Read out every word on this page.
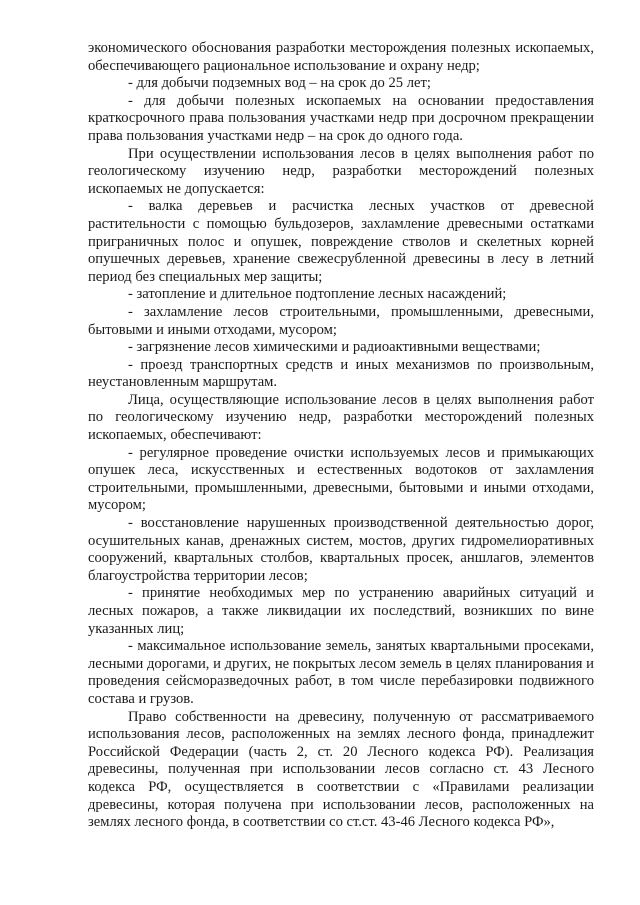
экономического обоснования разработки месторождения полезных ископаемых, обеспечивающего рациональное использование и охрану недр;

- для добычи подземных вод – на срок до 25 лет;

- для добычи полезных ископаемых на основании предоставления краткосрочного права пользования участками недр при досрочном прекращении права пользования участками недр – на срок до одного года.

При осуществлении использования лесов в целях выполнения работ по геологическому изучению недр, разработки месторождений полезных ископаемых не допускается:

- валка деревьев и расчистка лесных участков от древесной растительности с помощью бульдозеров, захламление древесными остатками приграничных полос и опушек, повреждение стволов и скелетных корней опушечных деревьев, хранение свежесрубленной древесины в лесу в летний период без специальных мер защиты;

- затопление и длительное подтопление лесных насаждений;

- захламление лесов строительными, промышленными, древесными, бытовыми и иными отходами, мусором;

- загрязнение лесов химическими и радиоактивными веществами;

- проезд транспортных средств и иных механизмов по произвольным, неустановленным маршрутам.

Лица, осуществляющие использование лесов в целях выполнения работ по геологическому изучению недр, разработки месторождений полезных ископаемых, обеспечивают:

- регулярное проведение очистки используемых лесов и примыкающих опушек леса, искусственных и естественных водотоков от захламления строительными, промышленными, древесными, бытовыми и иными отходами, мусором;

- восстановление нарушенных производственной деятельностью дорог, осушительных канав, дренажных систем, мостов, других гидромелиоративных сооружений, квартальных столбов, квартальных просек, аншлагов, элементов благоустройства территории лесов;

- принятие необходимых мер по устранению аварийных ситуаций и лесных пожаров, а также ликвидации их последствий, возникших по вине указанных лиц;

- максимальное использование земель, занятых квартальными просеками, лесными дорогами, и других, не покрытых лесом земель в целях планирования и проведения сейсморазведочных работ, в том числе перебазировки подвижного состава и грузов.

Право собственности на древесину, полученную от рассматриваемого использования лесов, расположенных на землях лесного фонда, принадлежит Российской Федерации (часть 2, ст. 20 Лесного кодекса РФ). Реализация древесины, полученная при использовании лесов согласно ст. 43 Лесного кодекса РФ, осуществляется в соответствии с «Правилами реализации древесины, которая получена при использовании лесов, расположенных на землях лесного фонда, в соответствии со ст.ст. 43-46 Лесного кодекса РФ»,
